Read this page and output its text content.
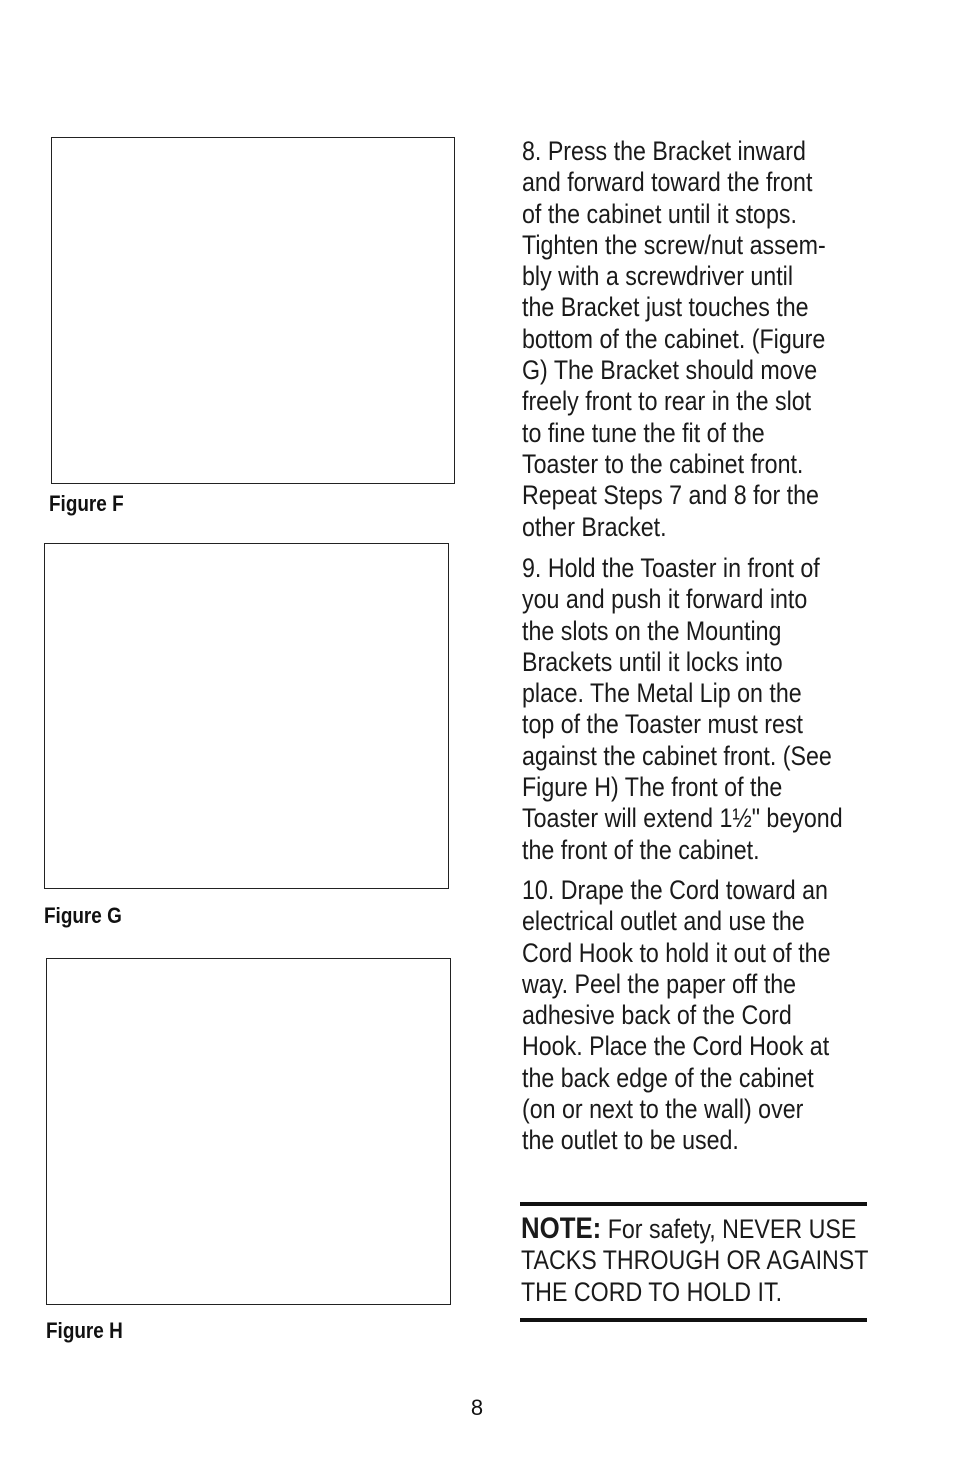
Figure F
Figure G
Figure H

8. Press the Bracket inward
and forward toward the front
of the cabinet until it stops.
Tighten the screw/nut assem-
bly with a screwdriver until
the Bracket just touches the
bottom of the cabinet. (Figure
G) The Bracket should move
freely front to rear in the slot
to fine tune the fit of the
Toaster to the cabinet front.
Repeat Steps 7 and 8 for the
other Bracket.

9. Hold the Toaster in front of
you and push it forward into
the slots on the Mounting
Brackets until it locks into
place. The Metal Lip on the
top of the Toaster must rest
against the cabinet front. (See
Figure H) The front of the
Toaster will extend 1½" beyond
the front of the cabinet.

10. Drape the Cord toward an
electrical outlet and use the
Cord Hook to hold it out of the
way. Peel the paper off the
adhesive back of the Cord
Hook. Place the Cord Hook at
the back edge of the cabinet
(on or next to the wall) over
the outlet to be used.

NOTE: For safety, NEVER USE
TACKS THROUGH OR AGAINST
THE CORD TO HOLD IT.
8
